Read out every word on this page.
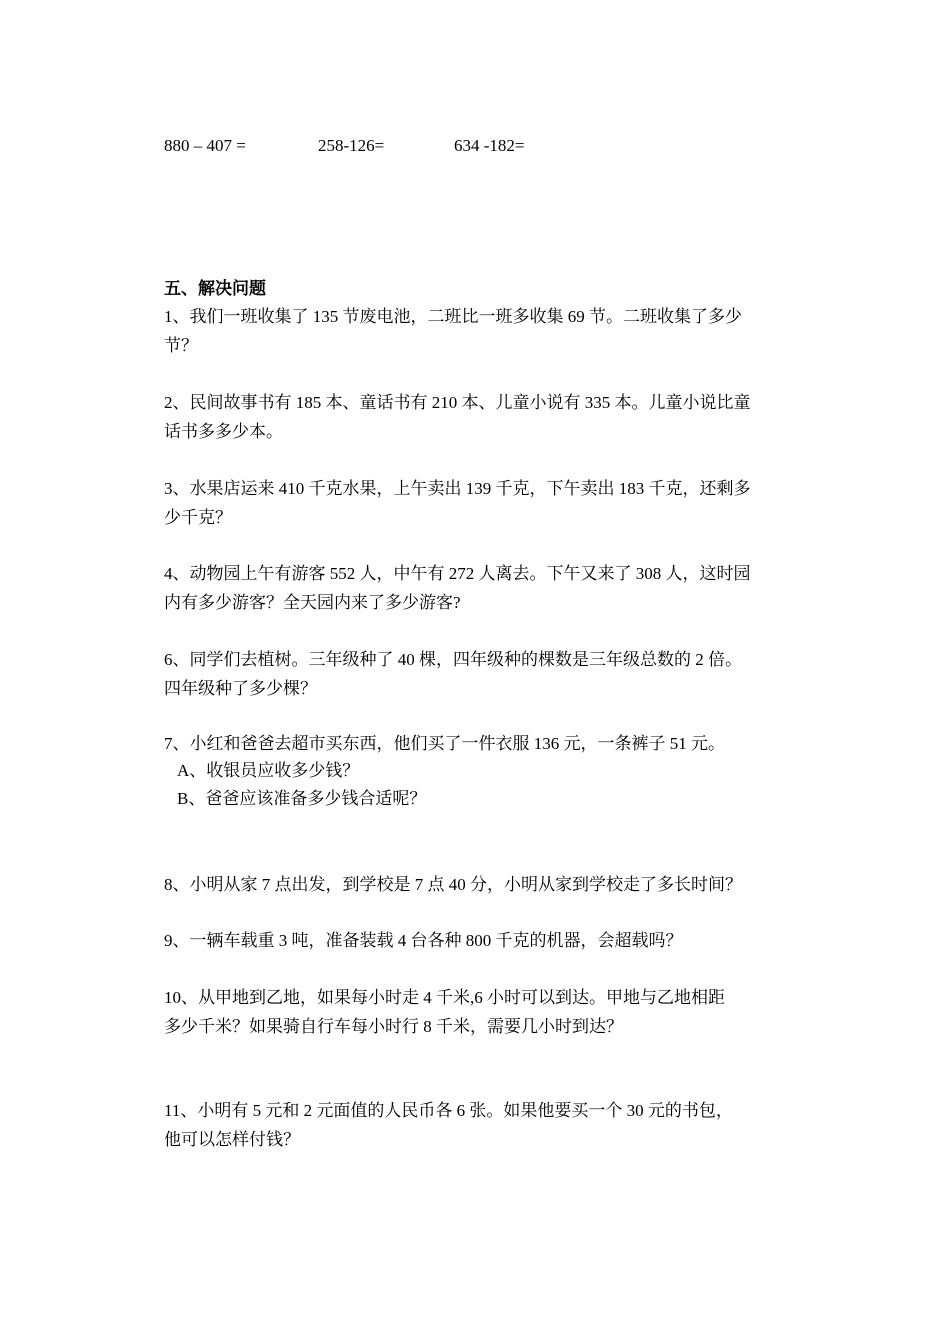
880 – 407 =	258-126=	634 -182=
五、解决问题
1、我们一班收集了 135 节废电池，二班比一班多收集 69 节。二班收集了多少
节？
2、民间故事书有 185 本、童话书有 210 本、儿童小说有 335 本。儿童小说比童
话书多多少本。
3、水果店运来 410 千克水果，上午卖出 139 千克，下午卖出 183 千克，还剩多
少千克？
4、动物园上午有游客 552 人，中午有 272 人离去。下午又来了 308 人，这时园
内有多少游客？全天园内来了多少游客?
6、同学们去植树。三年级种了 40 棵，四年级种的棵数是三年级总数的 2 倍。
四年级种了多少棵？
7、小红和爸爸去超市买东西，他们买了一件衣服 136 元，一条裤子 51 元。
A、收银员应收多少钱？
B、爸爸应该准备多少钱合适呢？
8、小明从家 7 点出发，到学校是 7 点 40 分，小明从家到学校走了多长时间？
9、一辆车载重 3 吨，准备装载 4 台各种 800 千克的机器，会超载吗？
10、从甲地到乙地，如果每小时走 4 千米,6 小时可以到达。甲地与乙地相距
多少千米？如果骑自行车每小时行 8 千米，需要几小时到达？
11、小明有 5 元和 2 元面值的人民币各 6 张。如果他要买一个 30 元的书包，
他可以怎样付钱？
